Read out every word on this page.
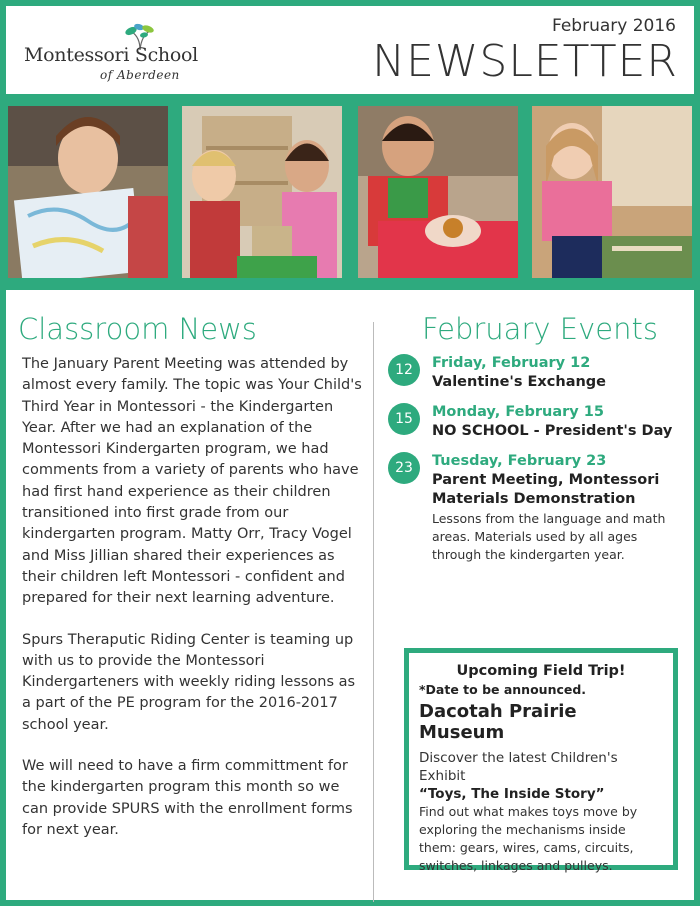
Montessori School
of Aberdeen
February 2016
NEWSLETTER
Classroom News

The January Parent Meeting was attended by almost every family. The topic was Your Child's Third Year in Montessori - the Kindergarten Year. After we had an explanation of the Montessori Kindergarten program, we had comments from a variety of parents who have had first hand experience as their children transitioned into first grade from our kindergarten program. Matty Orr, Tracy Vogel and Miss Jillian shared their experiences as their children left Montessori - confident and prepared for their next learning adventure.

Spurs Theraputic Riding Center is teaming up with us to provide the Montessori Kindergarteners with weekly riding lessons as a part of the PE program for the 2016-2017 school year.

We will need to have a firm committment for the kindergarten program this month so we can provide SPURS with the enrollment forms for next year.

February Events
12	Friday, February 12
Valentine's Exchange
15	Monday, February 15
NO SCHOOL - President's Day
23	Tuesday, February 23
Parent Meeting, Montessori Materials Demonstration
Lessons from the language and math areas. Materials used by all ages through the kindergarten year.
Upcoming Field Trip!
*Date to be announced.
Dacotah Prairie Museum
Discover the latest Children's Exhibit
“Toys, The Inside Story”
Find out what makes toys move by exploring the mechanisms inside them: gears, wires, cams, circuits, switches, linkages and pulleys.
